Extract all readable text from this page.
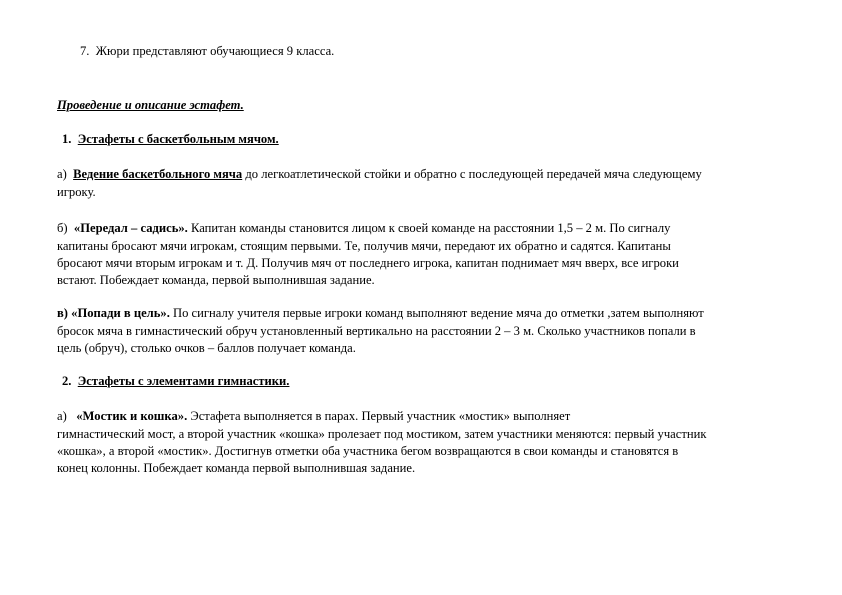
7. Жюри представляют обучающиеся 9 класса.
Проведение и описание эстафет.
1. Эстафеты с баскетбольным мячом.
а) Ведение баскетбольного мяча до легкоатлетической стойки и обратно с последующей передачей мяча следующему
игроку.
б) «Передал – садись». Капитан команды становится лицом к своей команде на расстоянии 1,5 – 2 м. По сигналу
капитаны бросают мячи игрокам, стоящим первыми. Те, получив мячи, передают их обратно и садятся. Капитаны
бросают мячи вторым игрокам и т. Д. Получив мяч от последнего игрока, капитан поднимает мяч вверх, все игроки
встают. Побеждает команда, первой выполнившая задание.
в) «Попади в цель». По сигналу учителя первые игроки команд выполняют ведение мяча до отметки ,затем выполняют
броcок мяча в гимнастический обруч установленный вертикально на расстоянии 2 – 3 м. Сколько участников попали в
цель (обруч), столько очков – баллов получает команда.
2. Эстафеты с элементами гимнастики.
а) «Мостик и кошка». Эстафета выполняется в парах. Первый участник «мостик» выполняет
гимнастический мост, а второй участник «кошка» пролезает под мостиком, затем участники меняются: первый участник
«кошка», а второй «мостик». Достигнув отметки оба участника бегом возвращаются в свои команды и становятся в
конец колонны. Побеждает команда первой выполнившая задание.
